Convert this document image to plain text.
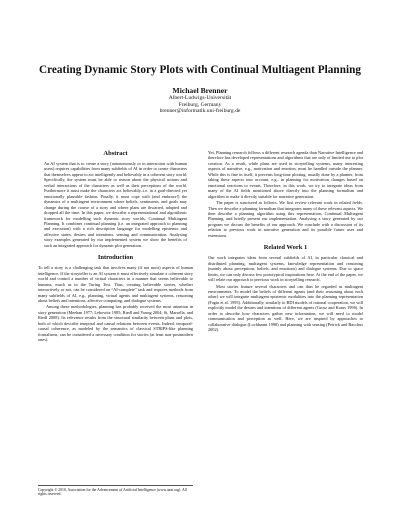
Creating Dynamic Story Plots with Continual Multiagent Planning
Michael Brenner
Albert-Ludwigs-Universität
Freiburg, Germany
brenner@informatik.uni-freiburg.de
Abstract

An AI system that is to create a story (autonomously or in interaction with human users) requires capabilities from many subfields of AI in order to create characters that themselves appear to act intelligently and believably in a coherent story world. Specifically, the system must be able to reason about the physical actions and verbal interactions of the characters as well as their perceptions of the world. Furthermore it must make the characters act believably–i.e. in a goal-directed yet emotionally plausible fashion. Finally, it must cope with (and embrace!) the dynamics of a multiagent environment where beliefs, sentiments, and goals may change during the course of a story and where plans are thwarted, adapted and dropped all the time. In this paper, we describe a representational and algorithmic framework for modelling such dynamic story worlds, Continual Multiagent Planning. It combines continual planning (i.e. an integrated approach to planning and execution) with a rich description language for modelling epistemic and affective states, desires and intentions, sensing and communication. Analysing story examples generated by our implemented system we show the benefits of such an integrated approach for dynamic plot generation.

Introduction

To tell a story is a challenging task that involves many (if not most) aspects of human intelligence. If the storyteller is an AI system it must effectively simulate a coherent story world and control a number of virtual characters in a manner that seems believable to humans, much as in the Turing Test. Thus, creating believable stories, whether interactively or not, can be considered an “AI-complete” task and requires methods from many subfields of AI, e.g., planning, virtual agents and multiagent systems, reasoning about beliefs and intentions, affective computing, and dialogue systems.

Among these methodologies, planning has probably received the most attention in story generation (Meehan 1977; Lebowitz 1985; Riedl and Young 2004; Si, Marsella, and Riedl 2008). Its relevance results from the structural similarity between plans and plots, both of which describe temporal and causal relations between events. Indeed, temporal-causal coherence, as modeled by the semantics of classical STRIPS-like planning formalisms, can be considered a necessary condition for stories (at least non-postmodern ones).

Yet, Planning research follows a different research agenda than Narrative Intelligence and therefore has developed representations and algorithms that are only of limited use to plot creation. As a result, while plans are used in storytelling systems, many interesting aspects of narrative, e.g., motivation and emotion, must be handled outside the planner. While this is fine in itself, it prevents long-time plotting, usually done by a planner, from taking these aspects into account, e.g., in planning for motivation changes based on emotional reactions to events. Therefore, in this work, we try to integrate ideas from many of the AI fields mentioned above directly into the planning formalism and algorithm to make it directly suitable for narrative generation.

The paper is structured as follows. We first review relevant work in related fields. Then we describe a planning formalism that integrates many of these relevant aspects. We then describe a planning algorithm using this representation, Continual Multiagent Planning, and briefly present our implementation. Analysing a story generated by our program we discuss the benefits of our approach. We conclude with a discussion of its relation to previous work in narrative generation and its possible future uses and extensions.

Related Work 1

Our work integrates ideas from several subfields of AI, in particular classical and distributed planning, multiagent systems, knowledge representation and reasoning (mainly about perceptions, beliefs, and emotions) and dialogue systems. Due to space limits, we can only discuss few prototypical inspirations here. At the end of the paper, we will relate our approach to previous work in storytelling research.

Most stories feature several characters and can thus be regarded as multiagent environments. To model the beliefs of different agents (and their reasoning about each other) we will integrate multiagent epistemic modalities into the planning representation (Fagin et al. 1995). Additionally, similarly to BDI models of rational cooperation, we will explicitly model the desires and intentions of different agents (Grosz and Kraus 1996). In order to describe how characters gather new information, we will need to model communication and perception as well. Here, we are inspired by approaches to collaborative dialogue (Lochbaum 1998) and planning with sensing (Petrick and Bacchus 2002).

Copyright © 2010, Association for the Advancement of Artificial Intelligence (www.aaai.org). All rights reserved.
